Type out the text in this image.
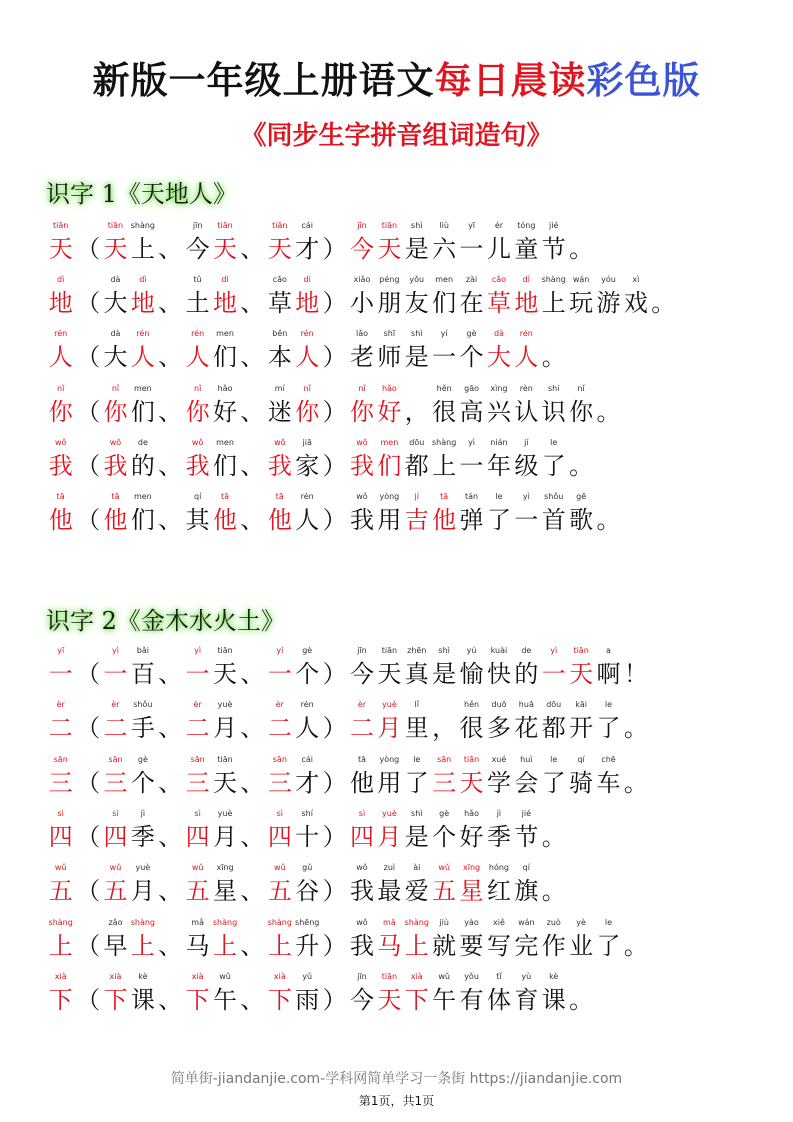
新版一年级上册语文每日晨读彩色版
《同步生字拼音组词造句》
识字 1《天地人》
tiān	tiān shàng	jīn tiān	tiān cái	jīn tiān shì liù yī ér tóng jié
天 （ 天 上 、 今 天 、 天 才 ） 今 天 是 六 一 儿 童 节 。
dì	dà dì	tǔ dì	cǎo dì	xiǎo péng yǒu men zài cǎo dì shàng wán yóu xì
地 （ 大 地 、 土 地 、 草 地 ） 小 朋 友 们 在 草 地 上 玩 游 戏 。
rén	dà rén	rén men	běn rén	lǎo shī shì yí gè dà rén
人 （ 大 人 、 人 们 、 本 人 ） 老 师 是 一 个 大 人 。
nǐ	nǐ men	nǐ hǎo	mí nǐ	nǐ hǎo	hěn gāo xìng rèn shi nǐ
你 （ 你 们 、 你 好 、 迷 你 ） 你 好 ， 很 高 兴 认 识 你 。
wǒ	wǒ de	wǒ men	wǒ jiā	wǒ men dōu shàng yì nián jí	le
我 （ 我 的 、 我 们 、 我 家 ） 我 们 都 上 一 年 级 了 。
tā	tā men	qí tā	tā rén	wǒ yòng jí	tā tán le	yì shǒu gē
他 （ 他 们 、 其 他 、 他 人 ） 我 用 吉 他 弹 了 一 首 歌 。
识字 2《金木水火土》
yī	yì bǎi	yì tiān	yí gè	jīn tiān zhēn shì yú kuài de yì tiān a
一 （ 一 百 、 一 天 、 一 个 ） 今 天 真 是 愉 快 的 一 天 啊 ！
èr	èr shǒu	èr yuè	èr rén	èr yuè lǐ	hěn duō huā dōu kāi le
二 （ 二 手 、 二 月 、 二 人 ） 二 月 里 ， 很 多 花 都 开 了 。
sān	sān gè	sān tiān	sān cái	tā yòng le sān tiān xué huì le	qí chē
三 （ 三 个 、 三 天 、 三 才 ） 他 用 了 三 天 学 会 了 骑 车 。
sì	sì	jì	sì yuè	sì shí	sì yuè shì gè hǎo jì	jié
四 （ 四 季 、 四 月 、 四 十 ） 四 月 是 个 好 季 节 。
wǔ	wǔ yuè	wǔ xīng	wǔ gǔ	wǒ zuì ài wǔ xīng hóng qí
五 （ 五 月 、 五 星 、 五 谷 ） 我 最 爱 五 星 红 旗 。
shàng	zǎo shàng	mǎ shàng	shàng shēng	wǒ mǎ shàng jiù yào xiě wán zuò yè le
上 （ 早 上 、 马 上 、 上 升 ） 我 马 上 就 要 写 完 作 业 了 。
xià	xià kè	xià wǔ	xià yǔ	jīn tiān xià wǔ yǒu tǐ yù kè
下 （ 下 课 、 下 午 、 下 雨 ） 今 天 下 午 有 体 育 课 。
简单街-jiandanjie.com-学科网简单学习一条街 https://jiandanjie.com
第1页，共1页
